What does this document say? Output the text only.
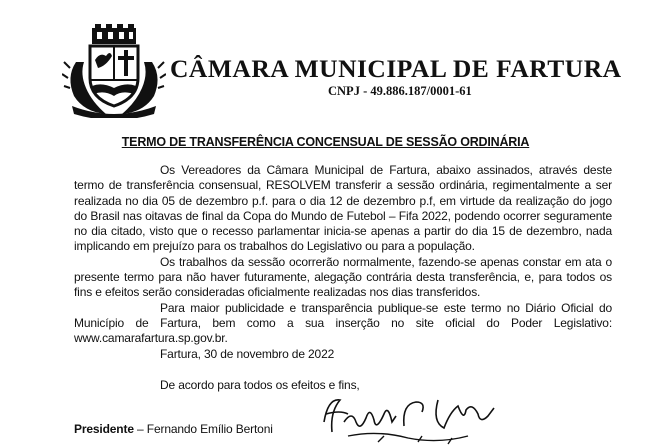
CÂMARA MUNICIPAL DE FARTURA
CNPJ - 49.886.187/0001-61
TERMO DE TRANSFERÊNCIA CONCENSUAL DE SESSÃO ORDINÁRIA

Os Vereadores da Câmara Municipal de Fartura, abaixo assinados, através deste termo de transferência consensual, RESOLVEM transferir a sessão ordinária, regimentalmente a ser realizada no dia 05 de dezembro p.f. para o dia 12 de dezembro p.f, em virtude da realização do jogo do Brasil nas oitavas de final da Copa do Mundo de Futebol – Fifa 2022, podendo ocorrer seguramente no dia citado, visto que o recesso parlamentar inicia-se apenas a partir do dia 15 de dezembro, nada implicando em prejuízo para os trabalhos do Legislativo ou para a população.

Os trabalhos da sessão ocorrerão normalmente, fazendo-se apenas constar em ata o presente termo para não haver futuramente, alegação contrária desta transferência, e, para todos os fins e efeitos serão consideradas oficialmente realizadas nos dias transferidos.

Para maior publicidade e transparência publique-se este termo no Diário Oficial do Município de Fartura, bem como a sua inserção no site oficial do Poder Legislativo: www.camarafartura.sp.gov.br.

Fartura, 30 de novembro de 2022
De acordo para todos os efeitos e fins,
Presidente – Fernando Emílio Bertoni
